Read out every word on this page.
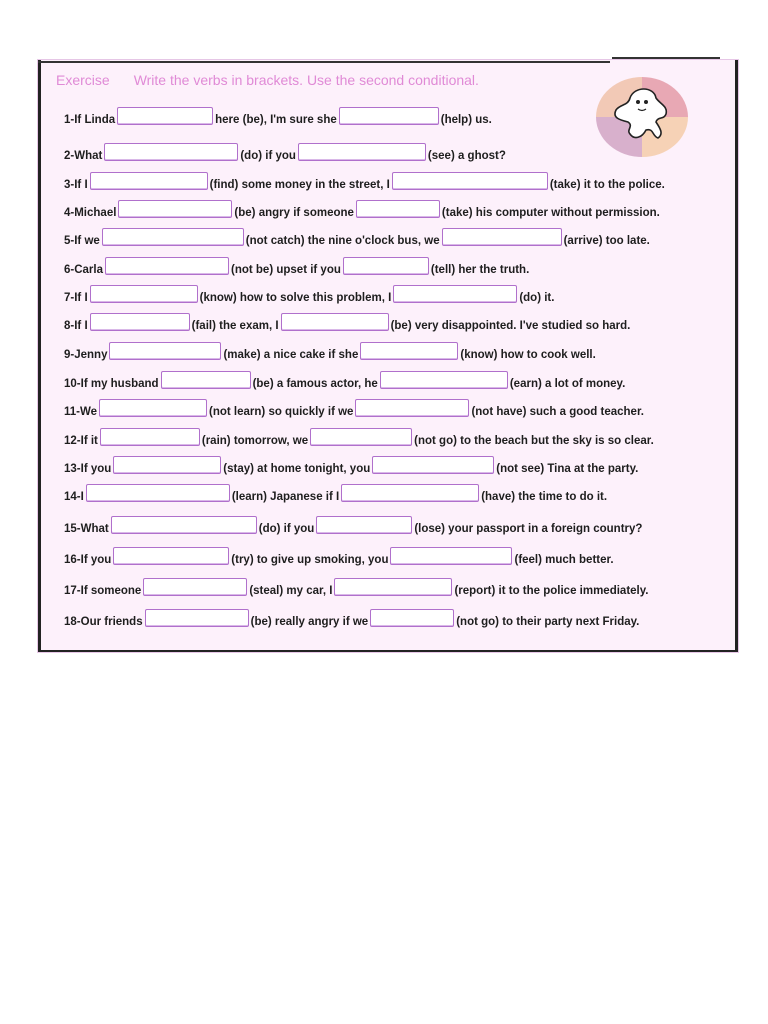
Exercise Write the verbs in brackets. Use the second conditional.
1-If Linda	here (be), I'm sure she	(help) us.
2-What	(do) if you	(see) a ghost?
3-If I	(find) some money in the street, I	(take) it to the police.
4-Michael	(be) angry if someone	(take) his computer without permission.
5-If we	(not catch) the nine o'clock bus, we	(arrive) too late.
6-Carla	(not be) upset if you	(tell) her the truth.
7-If I	(know) how to solve this problem, I	(do) it.
8-If I	(fail) the exam, I	(be) very disappointed. I've studied so hard.
9-Jenny	(make) a nice cake if she	(know) how to cook well.
10-If my husband	(be) a famous actor, he	(earn) a lot of money.
11-We	(not learn) so quickly if we	(not have) such a good teacher.
12-If it	(rain) tomorrow, we	(not go) to the beach but the sky is so clear.
13-If you	(stay) at home tonight, you	(not see) Tina at the party.
14-I	(learn) Japanese if I	(have) the time to do it.
15-What	(do) if you	(lose) your passport in a foreign country?
16-If you	(try) to give up smoking, you	(feel) much better.
17-If someone	(steal) my car, I	(report) it to the police immediately.
18-Our friends	(be) really angry if we	(not go) to their party next Friday.
